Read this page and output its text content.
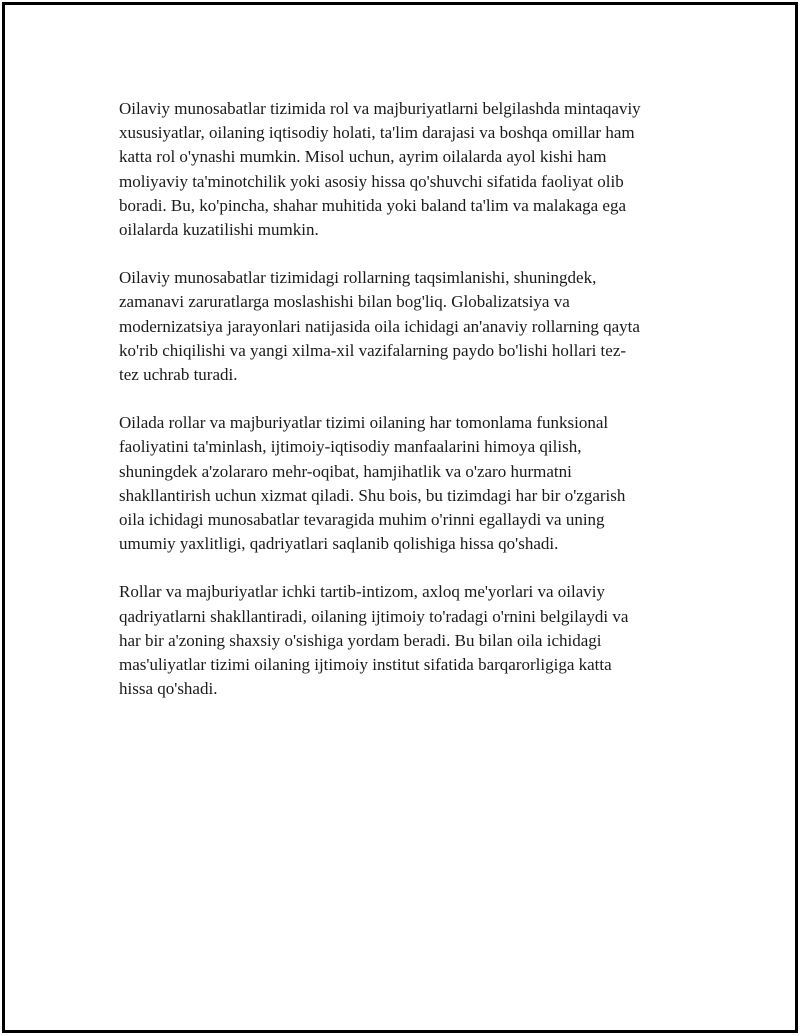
Oilaviy munosabatlar tizimida rol va majburiyatlarni belgilashda mintaqaviy
xususiyatlar, oilaning iqtisodiy holati, ta'lim darajasi va boshqa omillar ham
katta rol o'ynashi mumkin. Misol uchun, ayrim oilalarda ayol kishi ham
moliyaviy ta'minotchilik yoki asosiy hissa qo'shuvchi sifatida faoliyat olib
boradi. Bu, ko'pincha, shahar muhitida yoki baland ta'lim va malakaga ega
oilalarda kuzatilishi mumkin.

Oilaviy munosabatlar tizimidagi rollarning taqsimlanishi, shuningdek,
zamanavi zaruratlarga moslashishi bilan bog'liq. Globalizatsiya va
modernizatsiya jarayonlari natijasida oila ichidagi an'anaviy rollarning qayta
ko'rib chiqilishi va yangi xilma-xil vazifalarning paydo bo'lishi hollari tez-
tez uchrab turadi.

Oilada rollar va majburiyatlar tizimi oilaning har tomonlama funksional
faoliyatini ta'minlash, ijtimoiy-iqtisodiy manfaalarini himoya qilish,
shuningdek a'zolararo mehr-oqibat, hamjihatlik va o'zaro hurmatni
shakllantirish uchun xizmat qiladi. Shu bois, bu tizimdagi har bir o'zgarish
oila ichidagi munosabatlar tevaragida muhim o'rinni egallaydi va uning
umumiy yaxlitligi, qadriyatlari saqlanib qolishiga hissa qo'shadi.

Rollar va majburiyatlar ichki tartib-intizom, axloq me'yorlari va oilaviy
qadriyatlarni shakllantiradi, oilaning ijtimoiy to'radagi o'rnini belgilaydi va
har bir a'zoning shaxsiy o'sishiga yordam beradi. Bu bilan oila ichidagi
mas'uliyatlar tizimi oilaning ijtimoiy institut sifatida barqarorligiga katta
hissa qo'shadi.
